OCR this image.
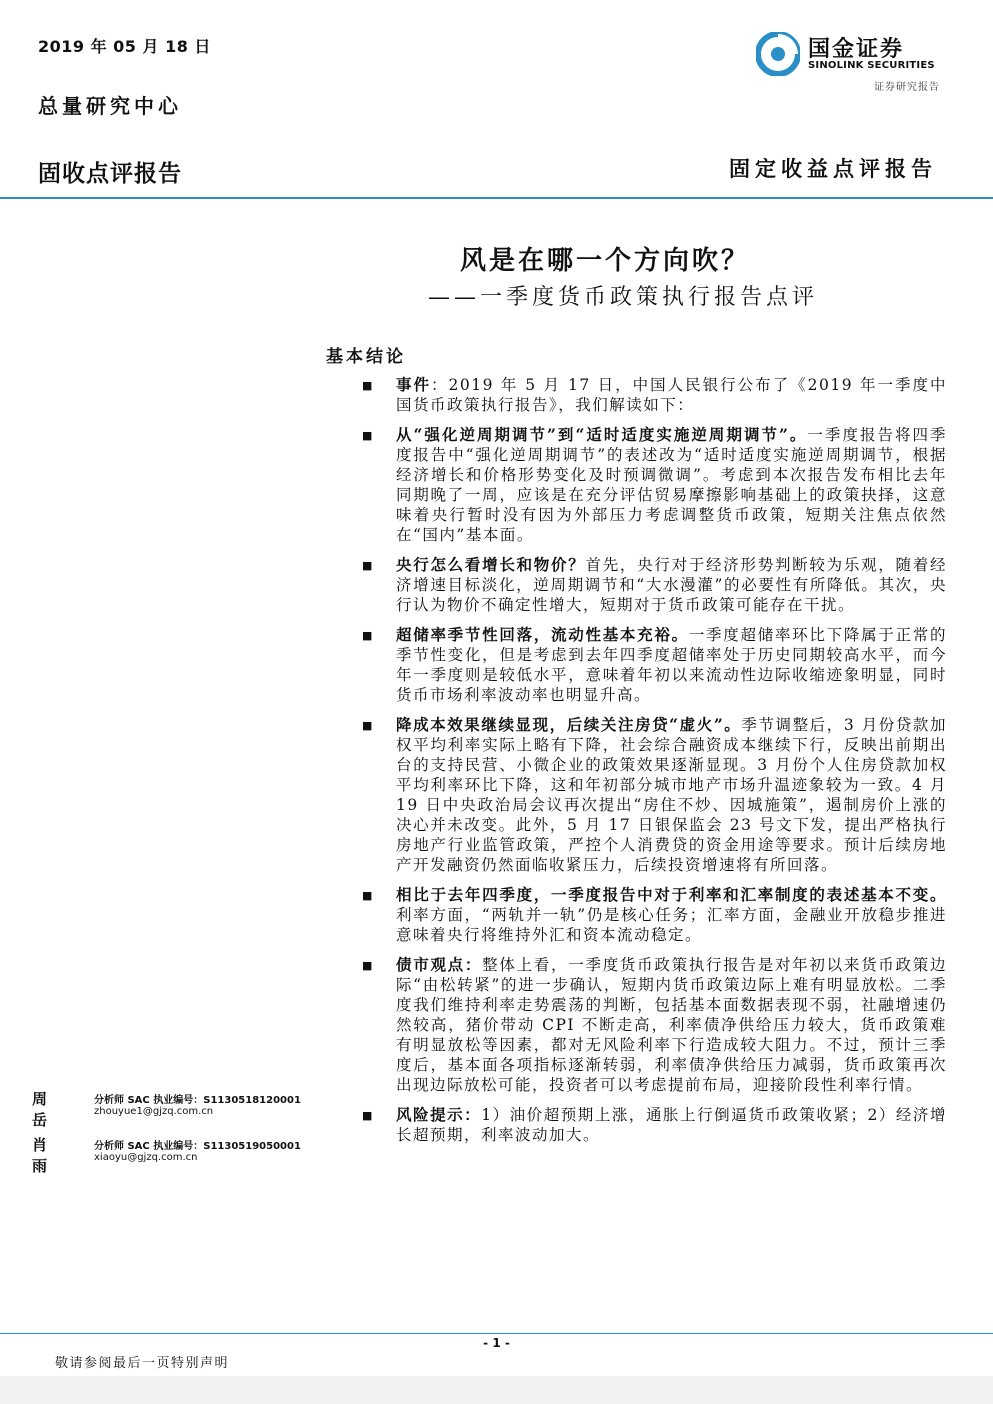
2019 年 05 月 18 日
总量研究中心
国金证券
SINOLINK SECURITIES
证券研究报告
固收点评报告	固定收益点评报告
风是在哪一个方向吹？
——一季度货币政策执行报告点评
基本结论
■	事件：2019 年 5 月 17 日，中国人民银行公布了《2019 年一季度中国货币政策执行报告》，我们解读如下：

■	从“强化逆周期调节”到“适时适度实施逆周期调节”。一季度报告将四季度报告中“强化逆周期调节”的表述改为“适时适度实施逆周期调节，根据经济增长和价格形势变化及时预调微调”。考虑到本次报告发布相比去年同期晚了一周，应该是在充分评估贸易摩擦影响基础上的政策抉择，这意味着央行暂时没有因为外部压力考虑调整货币政策，短期关注焦点依然在“国内”基本面。

■	央行怎么看增长和物价？首先，央行对于经济形势判断较为乐观，随着经济增速目标淡化，逆周期调节和“大水漫灌”的必要性有所降低。其次，央行认为物价不确定性增大，短期对于货币政策可能存在干扰。

■	超储率季节性回落，流动性基本充裕。一季度超储率环比下降属于正常的季节性变化，但是考虑到去年四季度超储率处于历史同期较高水平，而今年一季度则是较低水平，意味着年初以来流动性边际收缩迹象明显，同时货币市场利率波动率也明显升高。

■	降成本效果继续显现，后续关注房贷“虚火”。季节调整后，3 月份贷款加权平均利率实际上略有下降，社会综合融资成本继续下行，反映出前期出台的支持民营、小微企业的政策效果逐渐显现。3 月份个人住房贷款加权平均利率环比下降，这和年初部分城市地产市场升温迹象较为一致。4 月 19 日中央政治局会议再次提出“房住不炒、因城施策”，遏制房价上涨的决心并未改变。此外，5 月 17 日银保监会 23 号文下发，提出严格执行房地产行业监管政策，严控个人消费贷的资金用途等要求。预计后续房地产开发融资仍然面临收紧压力，后续投资增速将有所回落。

■	相比于去年四季度，一季度报告中对于利率和汇率制度的表述基本不变。利率方面，“两轨并一轨”仍是核心任务；汇率方面，金融业开放稳步推进意味着央行将维持外汇和资本流动稳定。

■	债市观点：整体上看，一季度货币政策执行报告是对年初以来货币政策边际“由松转紧”的进一步确认，短期内货币政策边际上难有明显放松。二季度我们维持利率走势震荡的判断，包括基本面数据表现不弱，社融增速仍然较高，猪价带动 CPI 不断走高，利率债净供给压力较大，货币政策难有明显放松等因素，都对无风险利率下行造成较大阻力。不过，预计三季度后，基本面各项指标逐渐转弱，利率债净供给压力减弱，货币政策再次出现边际放松可能，投资者可以考虑提前布局，迎接阶段性利率行情。

■	风险提示：1）油价超预期上涨，通胀上行倒逼货币政策收紧；2）经济增长超预期，利率波动加大。

周岳
分析师 SAC 执业编号：S1130518120001
zhouyue1@gjzq.com.cn
肖雨
分析师 SAC 执业编号：S1130519050001
xiaoyu@gjzq.com.cn
- 1 -
敬请参阅最后一页特别声明
